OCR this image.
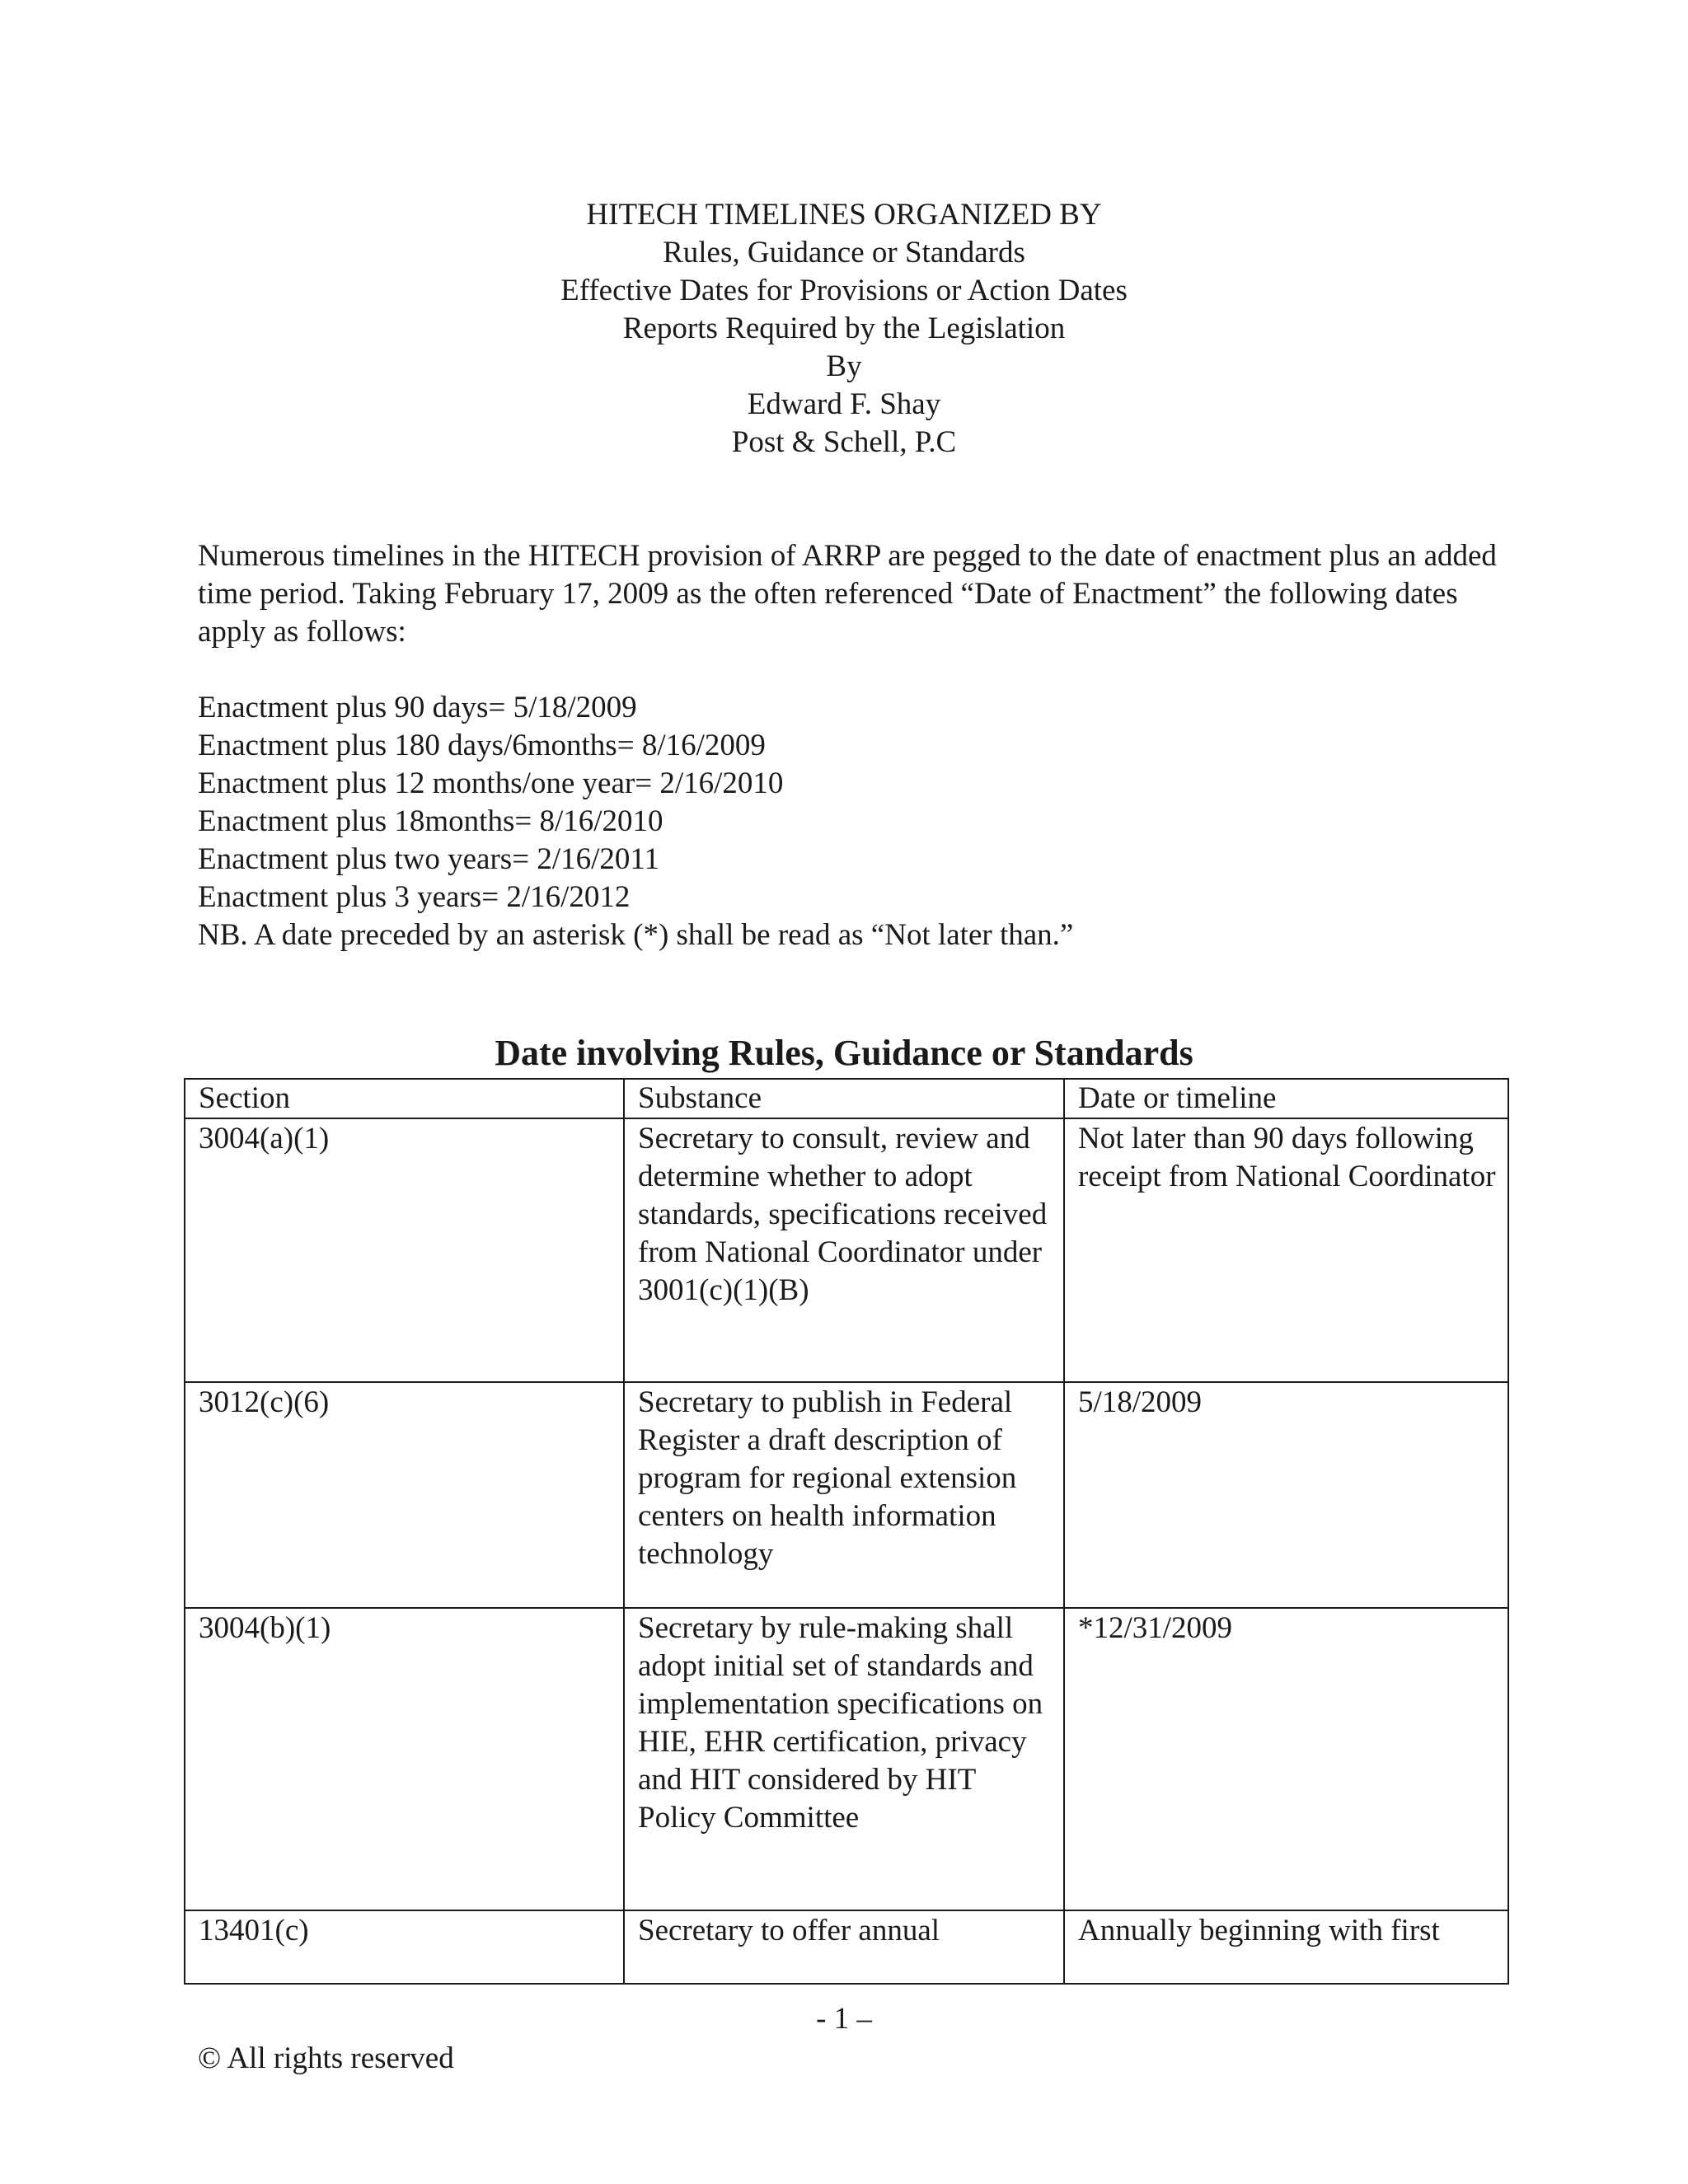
HITECH TIMELINES ORGANIZED BY
Rules, Guidance or Standards
Effective Dates for Provisions or Action Dates
Reports Required by the Legislation
By
Edward F. Shay
Post & Schell, P.C
Numerous timelines in the HITECH provision of ARRP are pegged to the date of enactment plus an added time period. Taking February 17, 2009 as the often referenced “Date of Enactment” the following dates apply as follows:
Enactment plus 90 days= 5/18/2009
Enactment plus 180 days/6months= 8/16/2009
Enactment plus 12 months/one year= 2/16/2010
Enactment plus 18months= 8/16/2010
Enactment plus two years= 2/16/2011
Enactment plus 3 years= 2/16/2012
NB. A date preceded by an asterisk (*) shall be read as “Not later than.”
Date involving Rules, Guidance or Standards
Section	Substance	Date or timeline
3004(a)(1)	Secretary to consult, review and determine whether to adopt standards, specifications received from National Coordinator under 3001(c)(1)(B)	Not later than 90 days following receipt from National Coordinator
3012(c)(6)	Secretary to publish in Federal Register a draft description of program for regional extension centers on health information technology	5/18/2009
3004(b)(1)	Secretary by rule-making shall adopt initial set of standards and implementation specifications on HIE, EHR certification, privacy and HIT considered by HIT Policy Committee	*12/31/2009
13401(c)	Secretary to offer annual	Annually beginning with first
- 1 –
© All rights reserved
